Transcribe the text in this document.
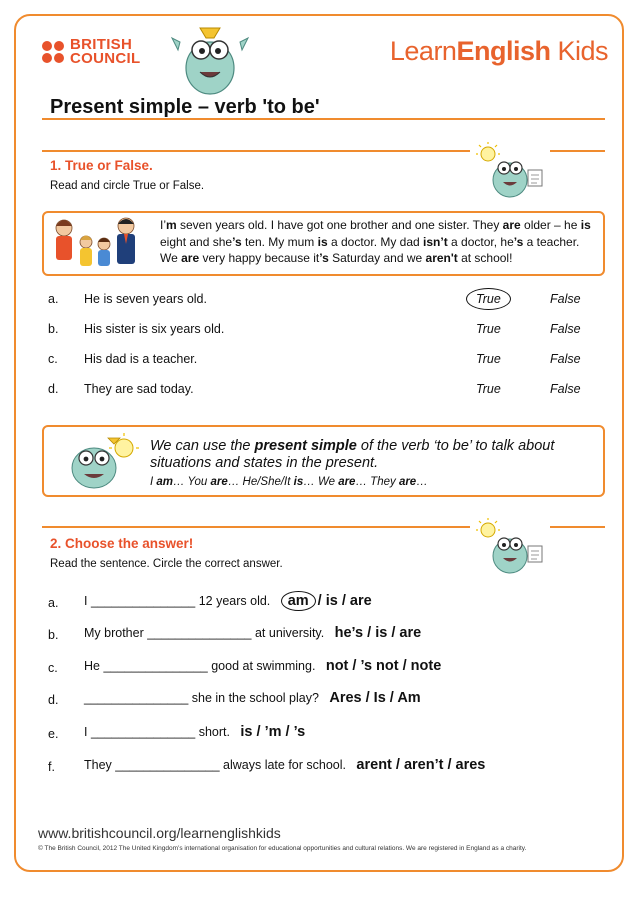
BRITISH
COUNCIL	LearnEnglish Kids
Present simple – verb 'to be'
1. True or False.
Read and circle True or False.
I’m seven years old. I have got one brother and one sister. They are older – he is eight and she’s ten. My mum is a doctor. My dad isn’t a doctor, he’s a teacher. We are very happy because it’s Saturday and we aren't at school!
a. He is seven years old.	True	False
b. His sister is six years old.	True	False
c. His dad is a teacher.	True	False
d. They are sad today.	True	False
We can use the present simple of the verb ‘to be’ to talk about situations and states in the present.
I am… You are… He/She/It is… We are… They are…
2. Choose the answer!
Read the sentence. Circle the correct answer.
a. I _______________ 12 years old. am / is / are
b. My brother _______________ at university. he’s / is / are
c. He _______________ good at swimming. not / ’s not / note
d. _______________ she in the school play? Ares / Is / Am
e. I _______________ short. is / ’m / ’s
f. They _______________ always late for school. arent / aren’t / ares
www.britishcouncil.org/learnenglishkids
© The British Council, 2012 The United Kingdom’s international organisation for educational opportunities and cultural relations. We are registered in England as a charity.
